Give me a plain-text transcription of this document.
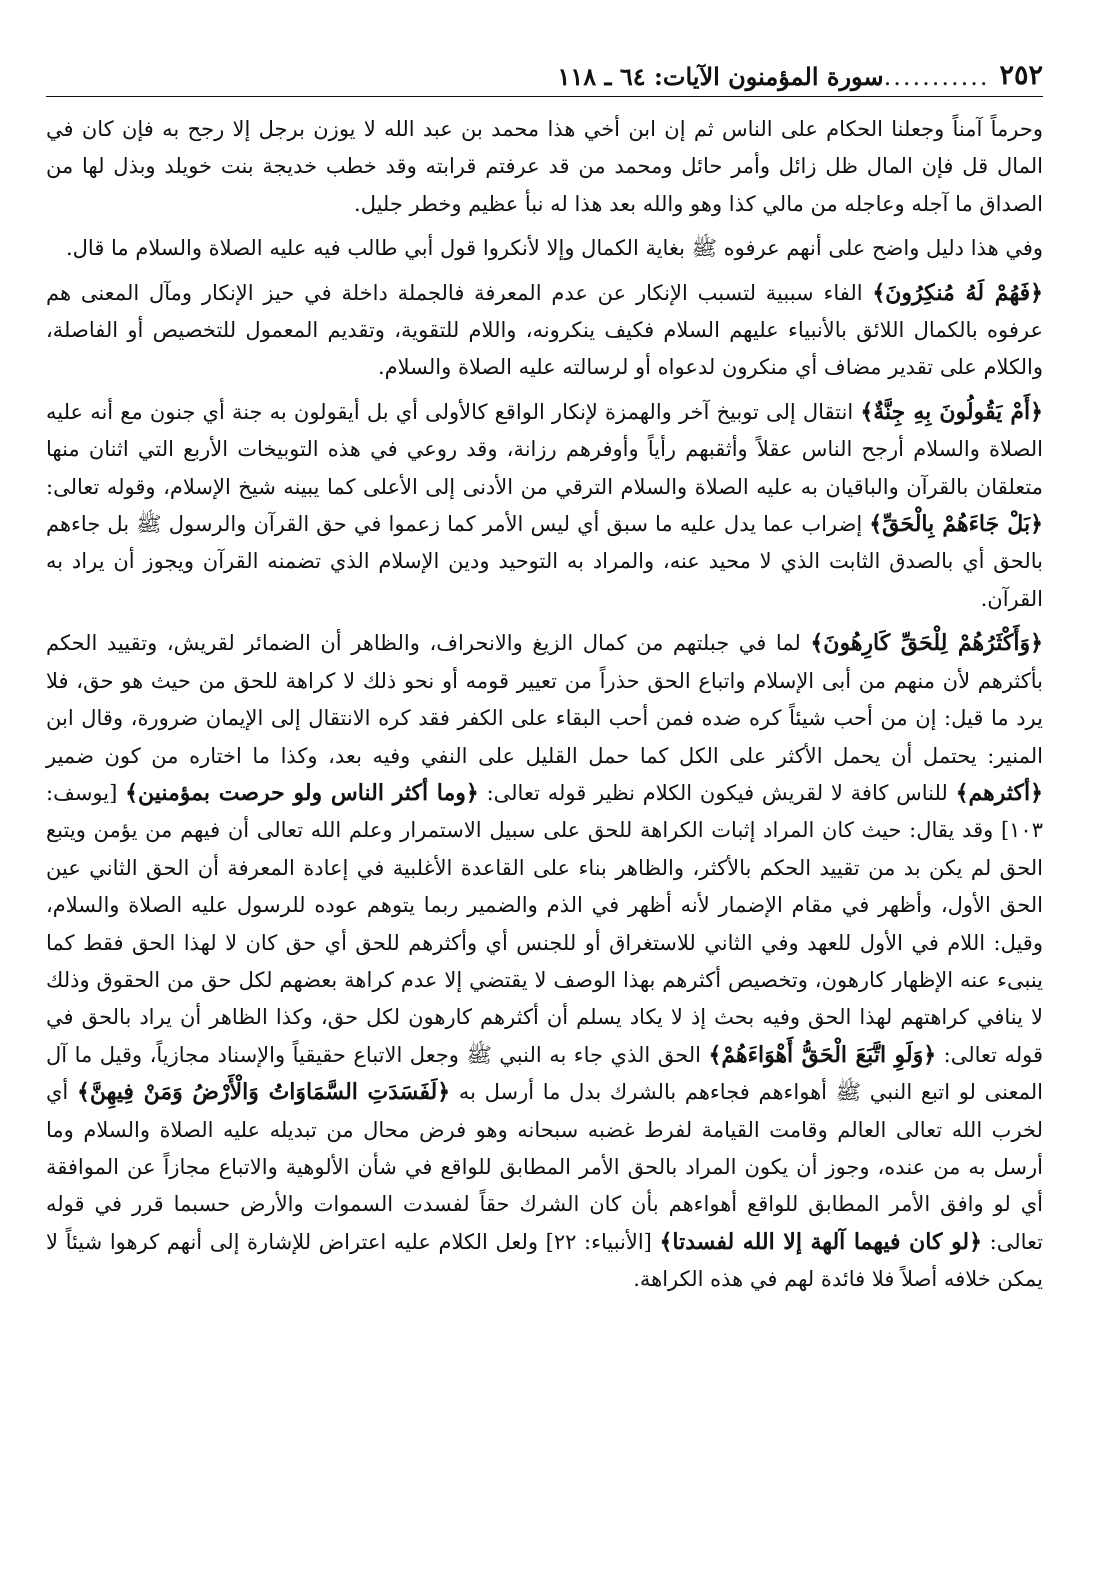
٢٥٢
...........
سورة المؤمنون الآيات: ٦٤ ـ ١١٨

وحرماً آمناً وجعلنا الحكام على الناس ثم إن ابن أخي هذا محمد بن عبد الله لا يوزن برجل إلا رجح به فإن كان في المال قل فإن المال ظل زائل وأمر حائل ومحمد من قد عرفتم قرابته وقد خطب خديجة بنت خويلد وبذل لها من الصداق ما آجله وعاجله من مالي كذا وهو والله بعد هذا له نبأ عظيم وخطر جليل.

وفي هذا دليل واضح على أنهم عرفوه ﷺ بغاية الكمال وإلا لأنكروا قول أبي طالب فيه عليه الصلاة والسلام ما قال.

﴿فَهُمْ لَهُ مُنكِرُونَ﴾ الفاء سببية لتسبب الإنكار عن عدم المعرفة فالجملة داخلة في حيز الإنكار ومآل المعنى هم عرفوه بالكمال اللائق بالأنبياء عليهم السلام فكيف ينكرونه، واللام للتقوية، وتقديم المعمول للتخصيص أو الفاصلة، والكلام على تقدير مضاف أي منكرون لدعواه أو لرسالته عليه الصلاة والسلام.

﴿أَمْ يَقُولُونَ بِهِ جِنَّةٌ﴾ انتقال إلى توبيخ آخر والهمزة لإنكار الواقع كالأولى أي بل أيقولون به جنة أي جنون مع أنه عليه الصلاة والسلام أرجح الناس عقلاً وأثقبهم رأياً وأوفرهم رزانة، وقد روعي في هذه التوبيخات الأربع التي اثنان منها متعلقان بالقرآن والباقيان به عليه الصلاة والسلام الترقي من الأدنى إلى الأعلى كما يبينه شيخ الإسلام، وقوله تعالى: ﴿بَلْ جَاءَهُمْ بِالْحَقِّ﴾ إضراب عما يدل عليه ما سبق أي ليس الأمر كما زعموا في حق القرآن والرسول ﷺ بل جاءهم بالحق أي بالصدق الثابت الذي لا محيد عنه، والمراد به التوحيد ودين الإسلام الذي تضمنه القرآن ويجوز أن يراد به القرآن.

﴿وَأَكْثَرُهُمْ لِلْحَقِّ كَارِهُونَ﴾ لما في جبلتهم من كمال الزيغ والانحراف، والظاهر أن الضمائر لقريش، وتقييد الحكم بأكثرهم لأن منهم من أبى الإسلام واتباع الحق حذراً من تعيير قومه أو نحو ذلك لا كراهة للحق من حيث هو حق، فلا يرد ما قيل: إن من أحب شيئاً كره ضده فمن أحب البقاء على الكفر فقد كره الانتقال إلى الإيمان ضرورة، وقال ابن المنير: يحتمل أن يحمل الأكثر على الكل كما حمل القليل على النفي وفيه بعد، وكذا ما اختاره من كون ضمير ﴿أكثرهم﴾ للناس كافة لا لقريش فيكون الكلام نظير قوله تعالى: ﴿وما أكثر الناس ولو حرصت بمؤمنين﴾ [يوسف: ١٠٣] وقد يقال: حيث كان المراد إثبات الكراهة للحق على سبيل الاستمرار وعلم الله تعالى أن فيهم من يؤمن ويتبع الحق لم يكن بد من تقييد الحكم بالأكثر، والظاهر بناء على القاعدة الأغلبية في إعادة المعرفة أن الحق الثاني عين الحق الأول، وأظهر في مقام الإضمار لأنه أظهر في الذم والضمير ربما يتوهم عوده للرسول عليه الصلاة والسلام، وقيل: اللام في الأول للعهد وفي الثاني للاستغراق أو للجنس أي وأكثرهم للحق أي حق كان لا لهذا الحق فقط كما ينبىء عنه الإظهار كارهون، وتخصيص أكثرهم بهذا الوصف لا يقتضي إلا عدم كراهة بعضهم لكل حق من الحقوق وذلك لا ينافي كراهتهم لهذا الحق وفيه بحث إذ لا يكاد يسلم أن أكثرهم كارهون لكل حق، وكذا الظاهر أن يراد بالحق في قوله تعالى: ﴿وَلَوِ اتَّبَعَ الْحَقُّ أَهْوَاءَهُمْ﴾ الحق الذي جاء به النبي ﷺ وجعل الاتباع حقيقياً والإسناد مجازياً، وقيل ما آل المعنى لو اتبع النبي ﷺ أهواءهم فجاءهم بالشرك بدل ما أرسل به ﴿لَفَسَدَتِ السَّمَاوَاتُ وَالْأَرْضُ وَمَنْ فِيهِنَّ﴾ أي لخرب الله تعالى العالم وقامت القيامة لفرط غضبه سبحانه وهو فرض محال من تبديله عليه الصلاة والسلام وما أرسل به من عنده، وجوز أن يكون المراد بالحق الأمر المطابق للواقع في شأن الألوهية والاتباع مجازاً عن الموافقة أي لو وافق الأمر المطابق للواقع أهواءهم بأن كان الشرك حقاً لفسدت السموات والأرض حسبما قرر في قوله تعالى: ﴿لو كان فيهما آلهة إلا الله لفسدتا﴾ [الأنبياء: ٢٢] ولعل الكلام عليه اعتراض للإشارة إلى أنهم كرهوا شيئاً لا يمكن خلافه أصلاً فلا فائدة لهم في هذه الكراهة.
